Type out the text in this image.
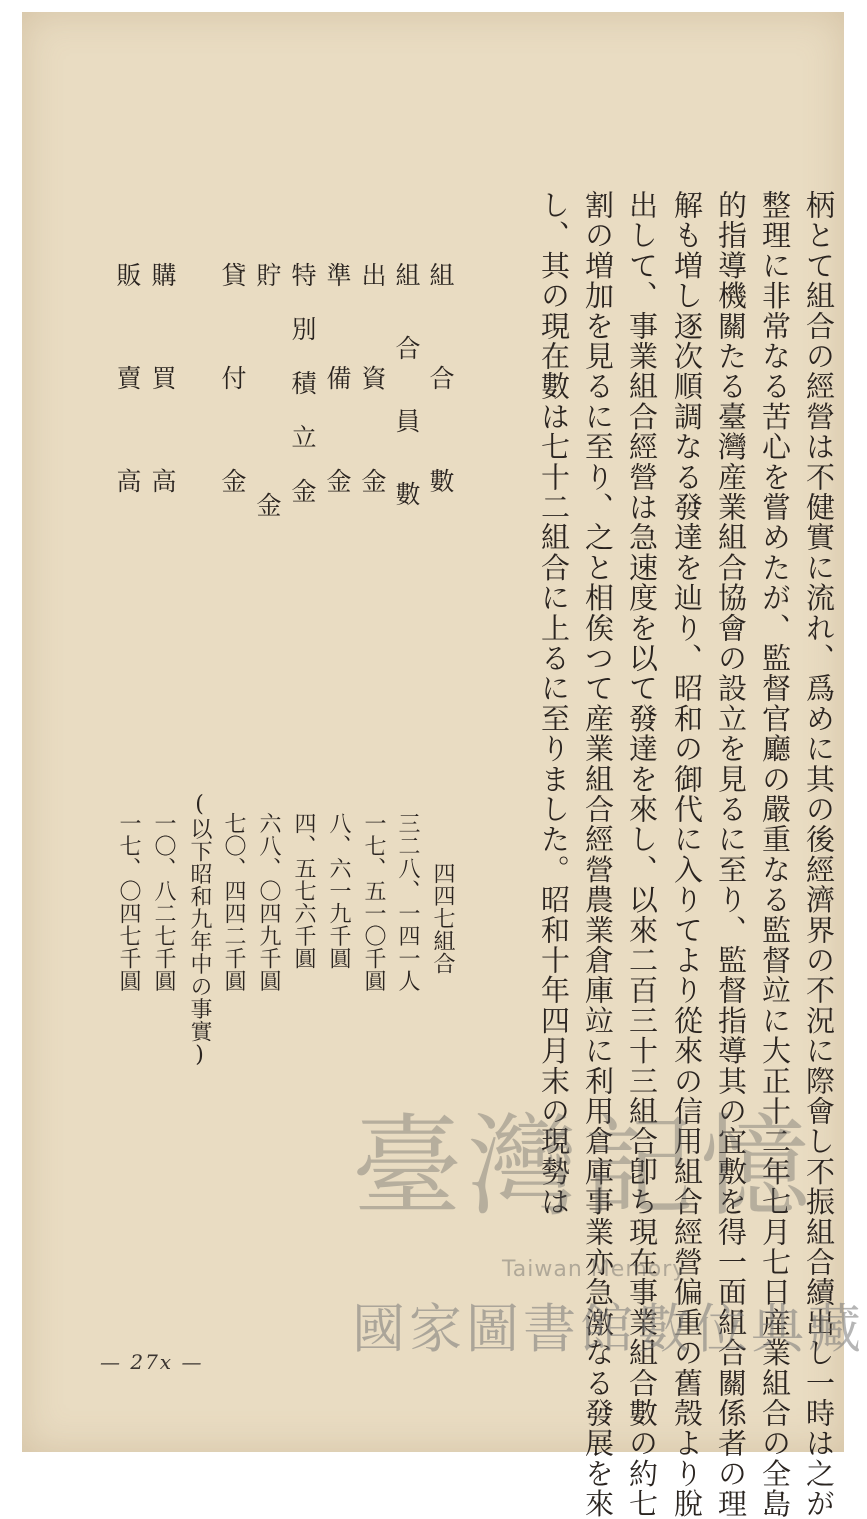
柄とて組合の經營は不健實に流れ、爲めに其の後經濟界の不況に際會し不振組合續出し一時は之が
整理に非常なる苦心を嘗めたが、監督官廳の嚴重なる監督竝に大正十二年七月七日産業組合の全島
的指導機關たる臺灣産業組合協會の設立を見るに至り、監督指導其の宜敷を得一面組合關係者の理
解も増し逐次順調なる發達を辿り、昭和の御代に入りてより從來の信用組合經營偏重の舊殼より脫
出して、事業組合經營は急速度を以て發達を來し、以來二百三十三組合卽ち現在事業組合數の約七
割の増加を見るに至り、之と相俟つて産業組合經營農業倉庫竝に利用倉庫事業亦急激なる發展を來
し、其の現在數は七十二組合に上るに至りました。昭和十年四月末の現勢は
組合數
組合員數
出資金
準備金
特別積立金
貯金
貸付金
購買高
販賣高
四四七組合
三二八、一四一人
一七、五一〇千圓
八、六一九千圓
四、五七六千圓
六八、〇四九千圓
七〇、四四二千圓
(以下昭和九年中の事實)
一〇、八二七千圓
一七、〇四七千圓
— 27x —
臺灣記憶
Taiwan Memory
國家圖書館數位典藏
